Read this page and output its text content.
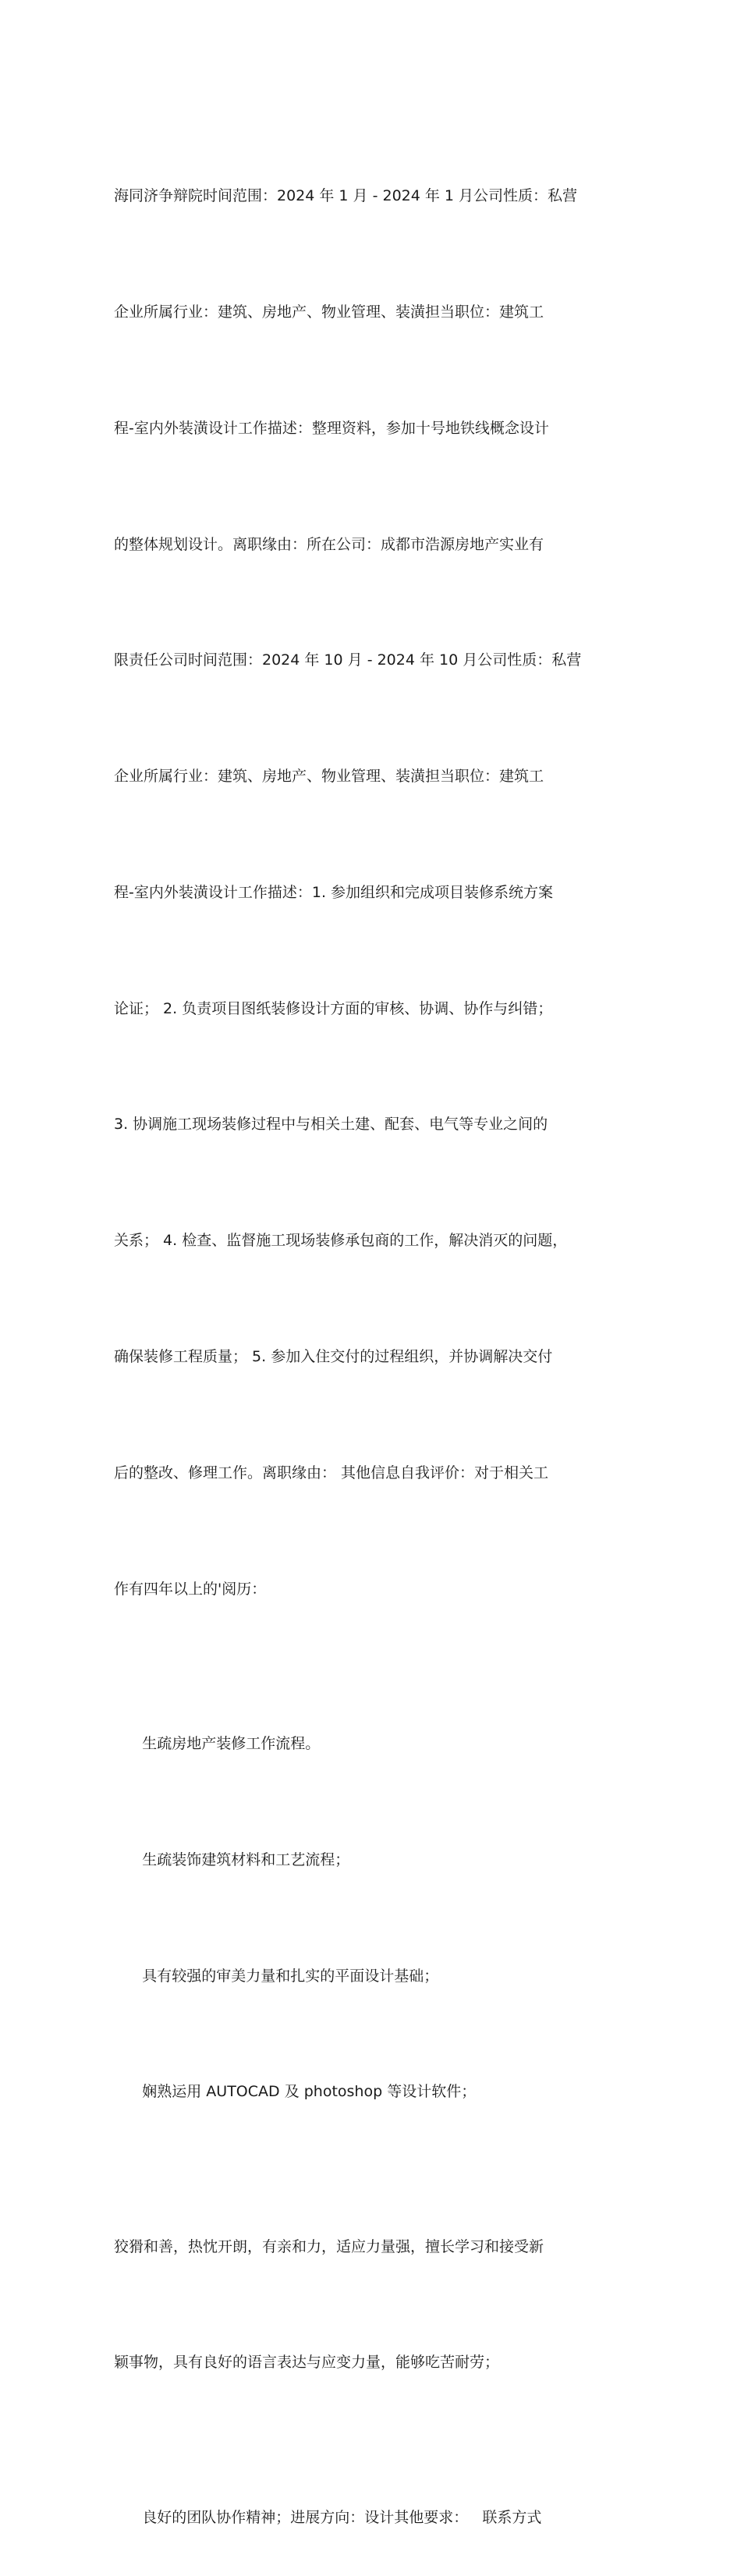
海同济争辩院时间范围：2024 年 1 月 - 2024 年 1 月公司性质：私营

企业所属行业：建筑、房地产、物业管理、装潢担当职位：建筑工

程-室内外装潢设计工作描述：整理资料，参加十号地铁线概念设计

的整体规划设计。离职缘由：所在公司：成都市浩源房地产实业有

限责任公司时间范围：2024 年 10 月 - 2024 年 10 月公司性质：私营

企业所属行业：建筑、房地产、物业管理、装潢担当职位：建筑工

程-室内外装潢设计工作描述：1. 参加组织和完成项目装修系统方案

论证； 2. 负责项目图纸装修设计方面的审核、协调、协作与纠错；

3. 协调施工现场装修过程中与相关土建、配套、电气等专业之间的

关系； 4. 检查、监督施工现场装修承包商的工作，解决消灭的问题，

确保装修工程质量； 5. 参加入住交付的过程组织，并协调解决交付

后的整改、修理工作。离职缘由： 其他信息自我评价：对于相关工

作有四年以上的'阅历：

生疏房地产装修工作流程。

生疏装饰建筑材料和工艺流程；

具有较强的审美力量和扎实的平面设计基础；

娴熟运用 AUTOCAD 及 photoshop 等设计软件；

狡猾和善，热忱开朗，有亲和力，适应力量强，擅长学习和接受新

颖事物，具有良好的语言表达与应变力量，能够吃苦耐劳；

良好的团队协作精神；进展方向：设计其他要求：   联系方式
